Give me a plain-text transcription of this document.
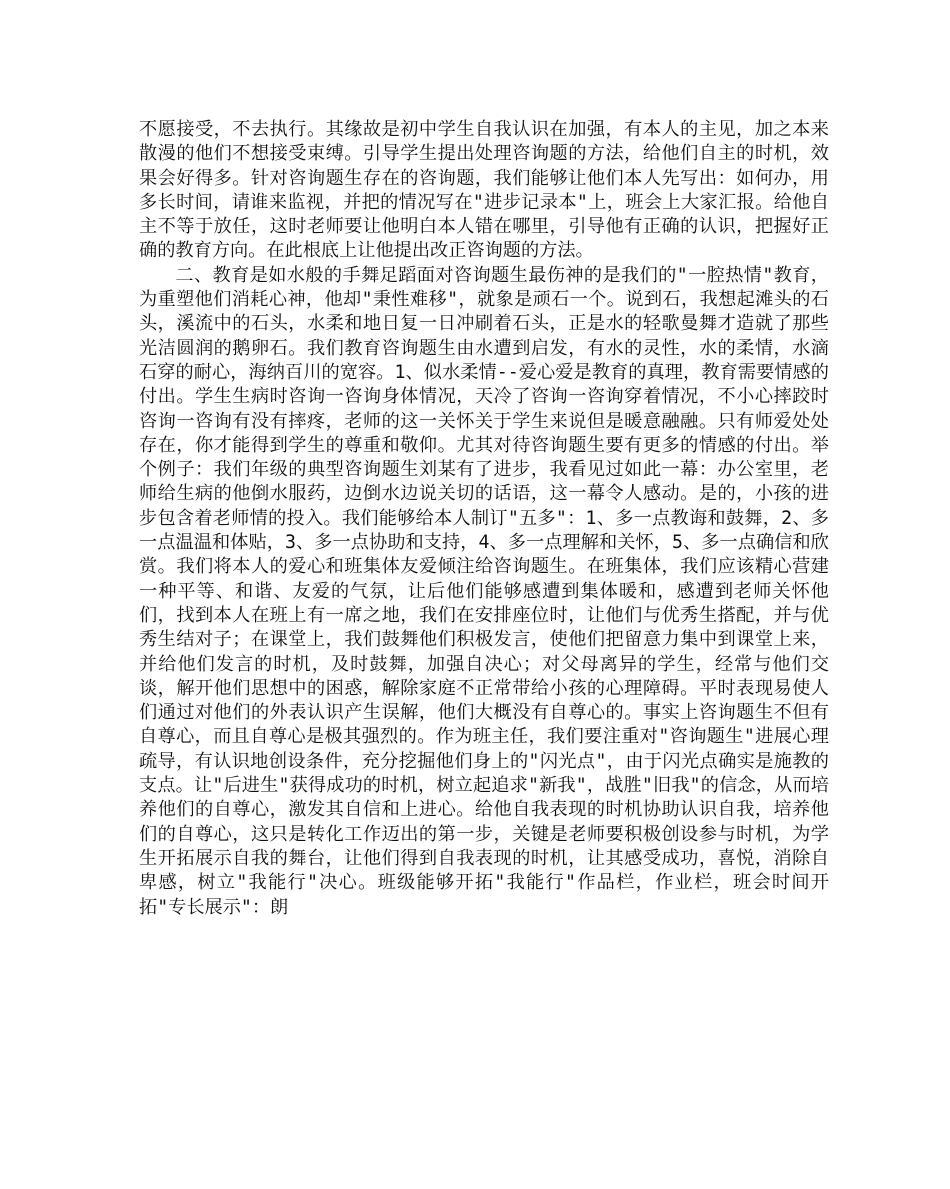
不愿接受，不去执行。其缘故是初中学生自我认识在加强，有本人的主见，加之本来散漫的他们不想接受束缚。引导学生提出处理咨询题的方法，给他们自主的时机，效果会好得多。针对咨询题生存在的咨询题，我们能够让他们本人先写出：如何办，用多长时间，请谁来监视，并把的情况写在"进步记录本"上，班会上大家汇报。给他自主不等于放任，这时老师要让他明白本人错在哪里，引导他有正确的认识，把握好正确的教育方向。在此根底上让他提出改正咨询题的方法。

二、教育是如水般的手舞足蹈面对咨询题生最伤神的是我们的"一腔热情"教育，为重塑他们消耗心神，他却"秉性难移"，就象是顽石一个。说到石，我想起滩头的石头，溪流中的石头，水柔和地日复一日冲刷着石头，正是水的轻歌曼舞才造就了那些光洁圆润的鹅卵石。我们教育咨询题生由水遭到启发，有水的灵性，水的柔情，水滴石穿的耐心，海纳百川的宽容。1、似水柔情--爱心爱是教育的真理，教育需要情感的付出。学生生病时咨询一咨询身体情况，天冷了咨询一咨询穿着情况，不小心摔跤时咨询一咨询有没有摔疼，老师的这一关怀关于学生来说但是暖意融融。只有师爱处处存在，你才能得到学生的尊重和敬仰。尤其对待咨询题生要有更多的情感的付出。举个例子：我们年级的典型咨询题生刘某有了进步，我看见过如此一幕：办公室里，老师给生病的他倒水服药，边倒水边说关切的话语，这一幕令人感动。是的，小孩的进步包含着老师情的投入。我们能够给本人制订"五多"：1、多一点教诲和鼓舞，2、多一点温温和体贴，3、多一点协助和支持，4、多一点理解和关怀，5、多一点确信和欣赏。我们将本人的爱心和班集体友爱倾注给咨询题生。在班集体，我们应该精心营建一种平等、和谐、友爱的气氛，让后他们能够感遭到集体暖和，感遭到老师关怀他们，找到本人在班上有一席之地，我们在安排座位时，让他们与优秀生搭配，并与优秀生结对子；在课堂上，我们鼓舞他们积极发言，使他们把留意力集中到课堂上来，并给他们发言的时机，及时鼓舞，加强自决心；对父母离异的学生，经常与他们交谈，解开他们思想中的困惑，解除家庭不正常带给小孩的心理障碍。平时表现易使人们通过对他们的外表认识产生误解，他们大概没有自尊心的。事实上咨询题生不但有自尊心，而且自尊心是极其强烈的。作为班主任，我们要注重对"咨询题生"进展心理疏导，有认识地创设条件，充分挖掘他们身上的"闪光点"，由于闪光点确实是施教的支点。让"后进生"获得成功的时机，树立起追求"新我"，战胜"旧我"的信念，从而培养他们的自尊心，激发其自信和上进心。给他自我表现的时机协助认识自我，培养他们的自尊心，这只是转化工作迈出的第一步，关键是老师要积极创设参与时机，为学生开拓展示自我的舞台，让他们得到自我表现的时机，让其感受成功，喜悦，消除自卑感，树立"我能行"决心。班级能够开拓"我能行"作品栏，作业栏，班会时间开拓"专长展示"：朗
